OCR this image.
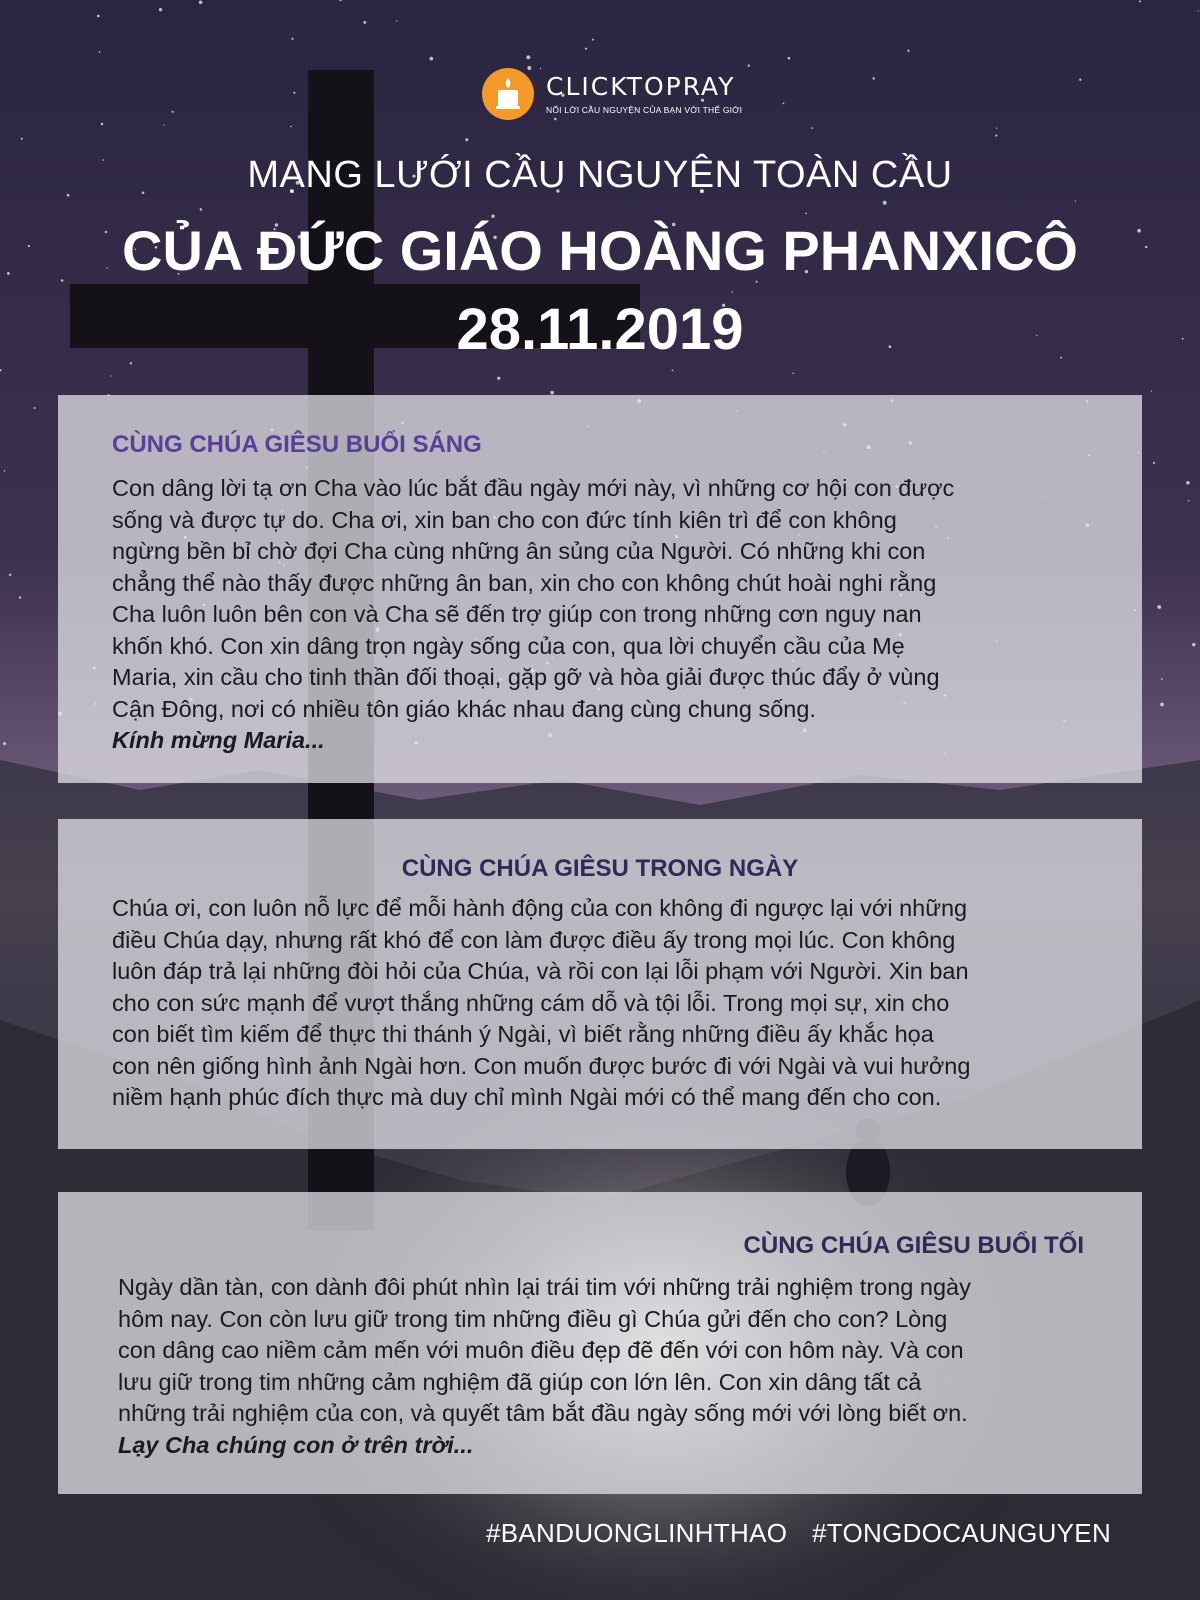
CLICKTOPRAY
NỐI LỜI CẦU NGUYỆN CỦA BẠN VỚI THẾ GIỚI
MẠNG LƯỚI CẦU NGUYỆN TOÀN CẦU
CỦA ĐỨC GIÁO HOÀNG PHANXICÔ
28.11.2019
CÙNG CHÚA GIÊSU BUỔI SÁNG

Con dâng lời tạ ơn Cha vào lúc bắt đầu ngày mới này, vì những cơ hội con được
sống và được tự do. Cha ơi, xin ban cho con đức tính kiên trì để con không
ngừng bền bỉ chờ đợi Cha cùng những ân sủng của Người. Có những khi con
chẳng thể nào thấy được những ân ban, xin cho con không chút hoài nghi rằng
Cha luôn luôn bên con và Cha sẽ đến trợ giúp con trong những cơn nguy nan
khốn khó. Con xin dâng trọn ngày sống của con, qua lời chuyển cầu của Mẹ
Maria, xin cầu cho tinh thần đối thoại, gặp gỡ và hòa giải được thúc đẩy ở vùng
Cận Đông, nơi có nhiều tôn giáo khác nhau đang cùng chung sống.
Kính mừng Maria...

CÙNG CHÚA GIÊSU TRONG NGÀY

Chúa ơi, con luôn nỗ lực để mỗi hành động của con không đi ngược lại với những
điều Chúa dạy, nhưng rất khó để con làm được điều ấy trong mọi lúc. Con không
luôn đáp trả lại những đòi hỏi của Chúa, và rồi con lại lỗi phạm với Người. Xin ban
cho con sức mạnh để vượt thắng những cám dỗ và tội lỗi. Trong mọi sự, xin cho
con biết tìm kiếm để thực thi thánh ý Ngài, vì biết rằng những điều ấy khắc họa
con nên giống hình ảnh Ngài hơn. Con muốn được bước đi với Ngài và vui hưởng
niềm hạnh phúc đích thực mà duy chỉ mình Ngài mới có thể mang đến cho con.

CÙNG CHÚA GIÊSU BUỔI TỐI

Ngày dần tàn, con dành đôi phút nhìn lại trái tim với những trải nghiệm trong ngày
hôm nay. Con còn lưu giữ trong tim những điều gì Chúa gửi đến cho con? Lòng
con dâng cao niềm cảm mến với muôn điều đẹp đẽ đến với con hôm này. Và con
lưu giữ trong tim những cảm nghiệm đã giúp con lớn lên. Con xin dâng tất cả
những trải nghiệm của con, và quyết tâm bắt đầu ngày sống mới với lòng biết ơn.
Lạy Cha chúng con ở trên trời...

#BANDUONGLINHTHAO #TONGDOCAUNGUYEN
